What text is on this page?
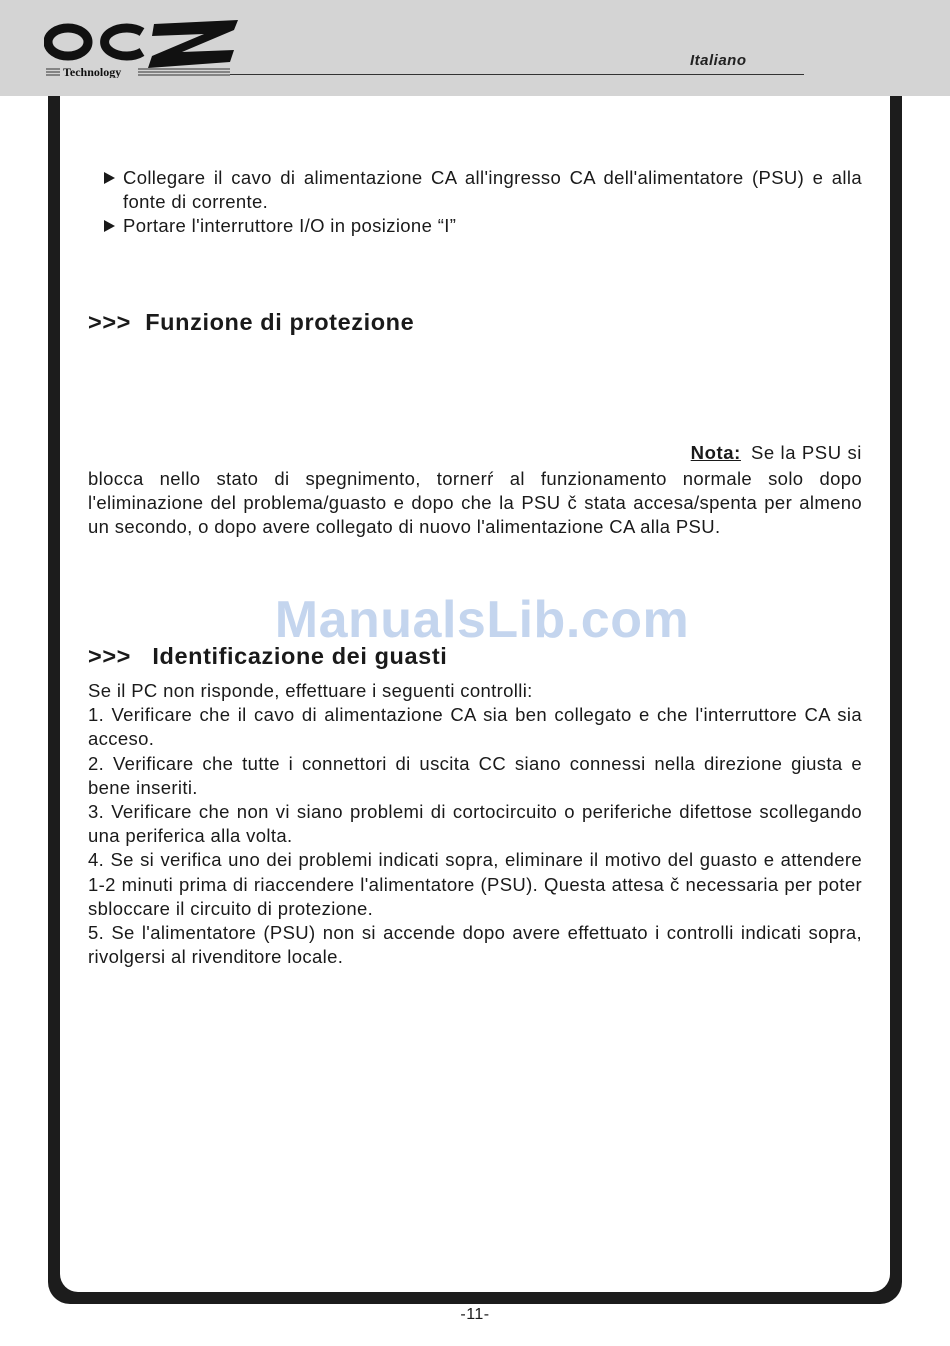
Technology
Italiano
Collegare il cavo di alimentazione CA all'ingresso CA dell'alimentatore (PSU) e alla fonte di corrente.
Portare l'interruttore I/O in posizione “I”
>>>  Funzione di protezione
Nota: Se la PSU si

blocca nello stato di spegnimento, tornerŕ al funzionamento normale solo dopo l'eliminazione del problema/guasto e dopo che la PSU č stata accesa/spenta per almeno un secondo, o dopo avere collegato di nuovo l'alimentazione CA alla PSU.

ManualsLib.com
>>>   Identificazione dei guasti

Se il PC non risponde, effettuare i seguenti controlli:

1. Verificare che il cavo di alimentazione CA sia ben collegato e che l'interruttore CA sia acceso.

2. Verificare che tutte i connettori di uscita CC siano connessi nella direzione giusta e bene inseriti.

3. Verificare che non vi siano problemi di cortocircuito o periferiche difettose scollegando una periferica alla volta.

4. Se si verifica uno dei problemi indicati sopra, eliminare il motivo del guasto e attendere 1-2 minuti prima di riaccendere l'alimentatore (PSU). Questa attesa č necessaria per poter sbloccare il circuito di protezione.

5. Se l'alimentatore (PSU) non si accende dopo avere effettuato i controlli indicati sopra, rivolgersi al rivenditore locale.

-11-
